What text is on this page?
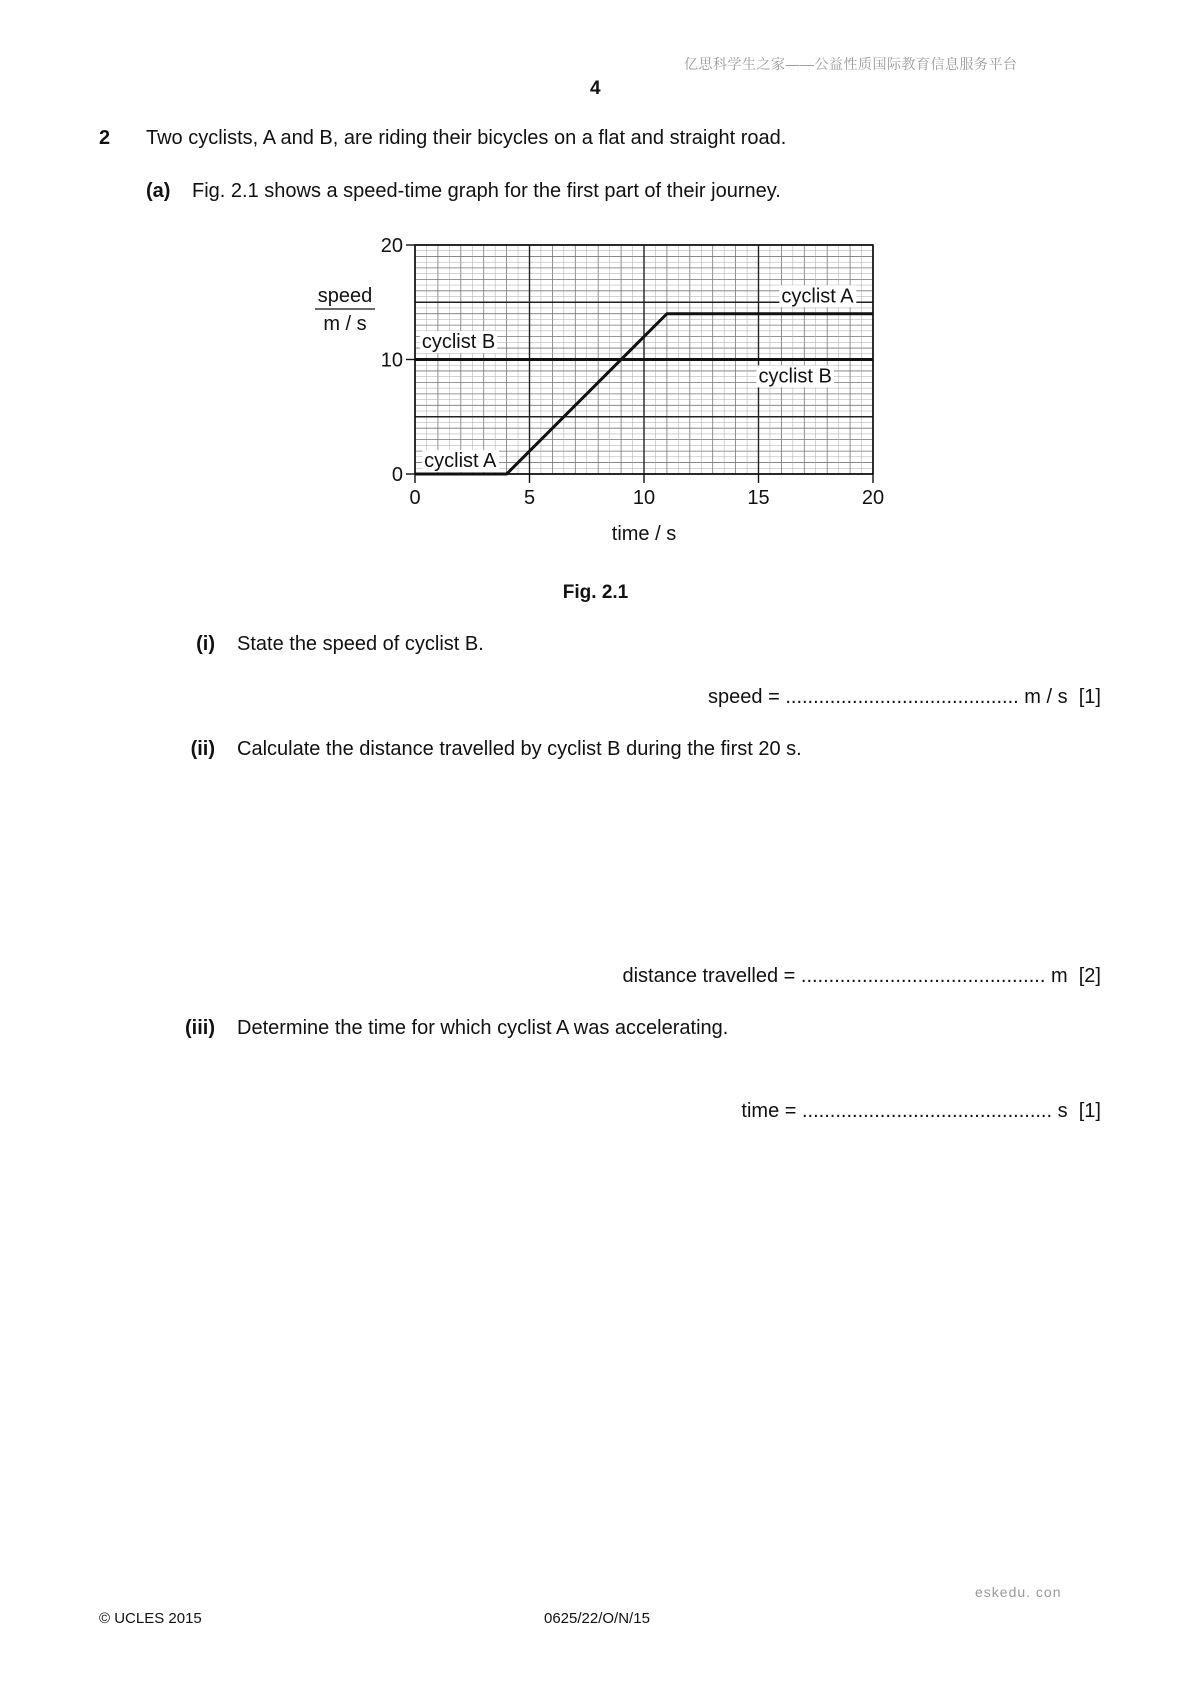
亿思科学生之家——公益性质国际教育信息服务平台
4
2 Two cyclists, A and B, are riding their bicycles on a flat and straight road.
(a) Fig. 2.1 shows a speed-time graph for the first part of their journey.
0
10
20
0	5	10	15	20
time / s
speed
m / s
cyclist A
cyclist B
cyclist B
cyclist A
Fig. 2.1
(i) State the speed of cyclist B.
speed = .......................................... m / s [1]
(ii) Calculate the distance travelled by cyclist B during the first 20 s.
distance travelled = ............................................ m [2]
(iii) Determine the time for which cyclist A was accelerating.
time = ............................................. s [1]
eskedu. con
© UCLES 2015	0625/22/O/N/15
